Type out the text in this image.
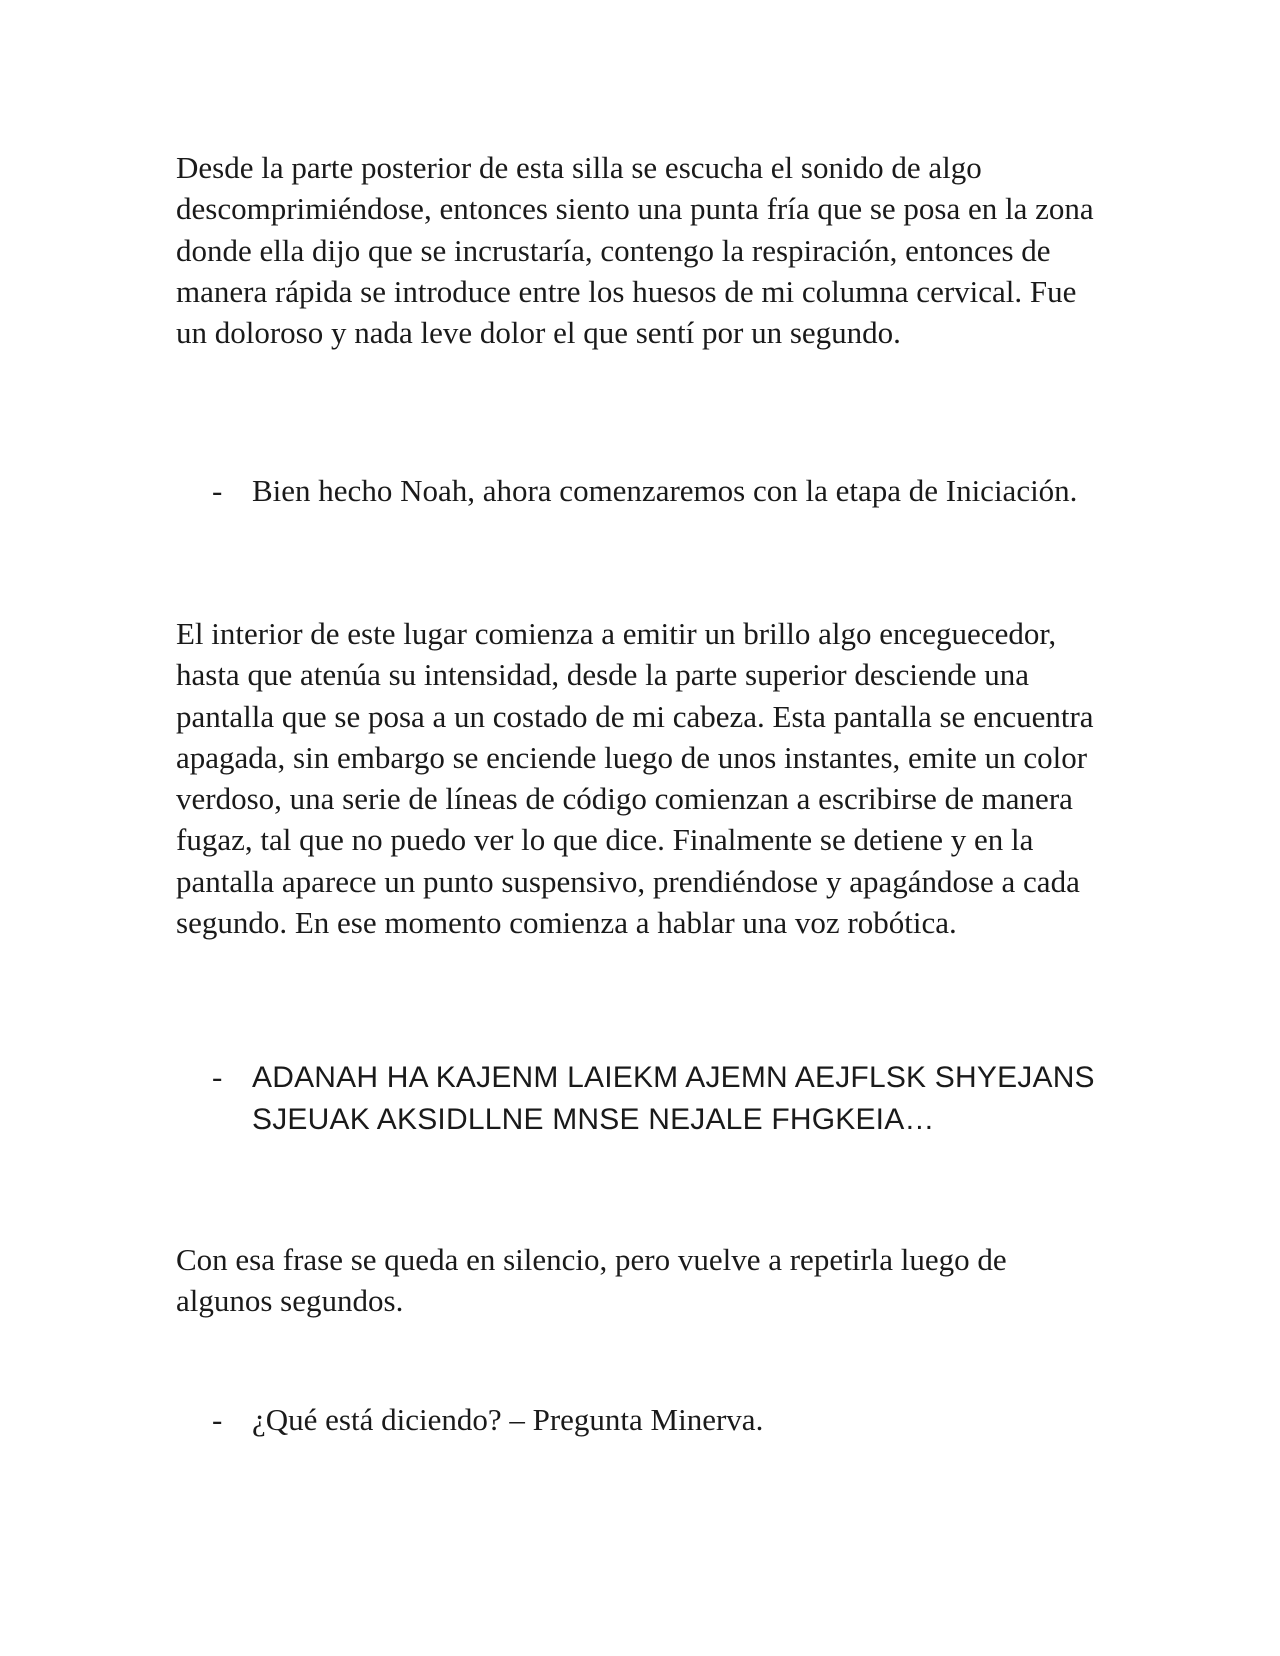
Desde la parte posterior de esta silla se escucha el sonido de algo descomprimiéndose, entonces siento una punta fría que se posa en la zona donde ella dijo que se incrustaría, contengo la respiración, entonces de manera rápida se introduce entre los huesos de mi columna cervical. Fue un doloroso y nada leve dolor el que sentí por un segundo.

- Bien hecho Noah, ahora comenzaremos con la etapa de Iniciación.

El interior de este lugar comienza a emitir un brillo algo enceguecedor, hasta que atenúa su intensidad, desde la parte superior desciende una pantalla que se posa a un costado de mi cabeza. Esta pantalla se encuentra apagada, sin embargo se enciende luego de unos instantes, emite un color verdoso, una serie de líneas de código comienzan a escribirse de manera fugaz, tal que no puedo ver lo que dice. Finalmente se detiene y en la pantalla aparece un punto suspensivo, prendiéndose y apagándose a cada segundo. En ese momento comienza a hablar una voz robótica.

- ADANAH HA KAJENM LAIEKM AJEMN AEJFLSK SHYEJANS SJEUAK AKSIDLLNE MNSE NEJALE FHGKEIA…

Con esa frase se queda en silencio, pero vuelve a repetirla luego de algunos segundos.

- ¿Qué está diciendo? – Pregunta Minerva.
